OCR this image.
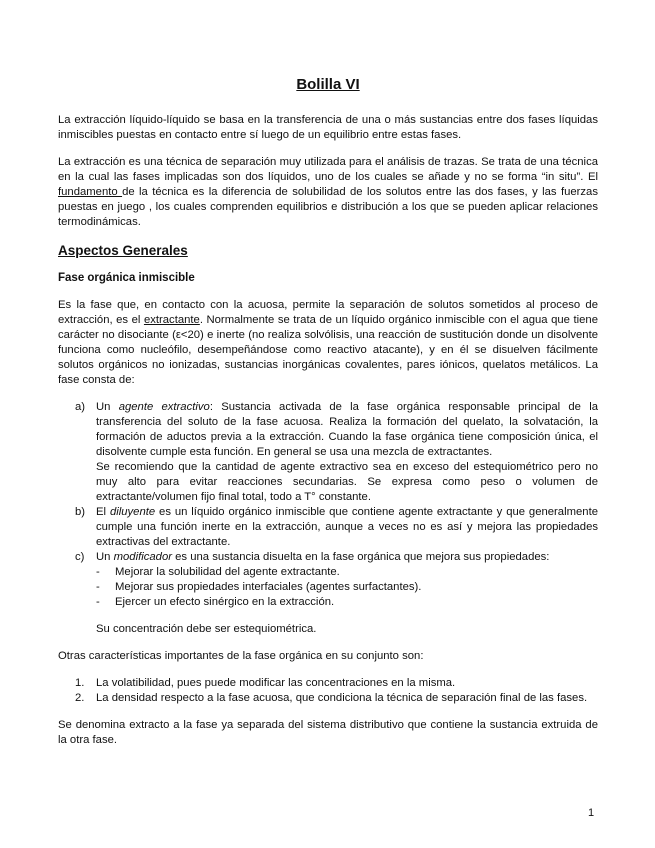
Bolilla VI

La extracción líquido-líquido se basa en la transferencia de una o más sustancias entre dos fases líquidas inmiscibles puestas en contacto entre sí luego de un equilibrio entre estas fases.

La extracción es una técnica de separación muy utilizada para el análisis de trazas. Se trata de una técnica en la cual las fases implicadas son dos líquidos, uno de los cuales se añade y no se forma “in situ”. El fundamento de la técnica es la diferencia de solubilidad de los solutos entre las dos fases, y las fuerzas puestas en juego , los cuales comprenden equilibrios e distribución a los que se pueden aplicar relaciones termodinámicas.

Aspectos Generales
Fase orgánica inmiscible

Es la fase que, en contacto con la acuosa, permite la separación de solutos sometidos al proceso de extracción, es el extractante. Normalmente se trata de un líquido orgánico inmiscible con el agua que tiene carácter no disociante (ε<20) e inerte (no realiza solvólisis, una reacción de sustitución donde un disolvente funciona como nucleófilo, desempeñándose como reactivo atacante), y en él se disuelven fácilmente solutos orgánicos no ionizadas, sustancias inorgánicas covalentes, pares iónicos, quelatos metálicos. La fase consta de:

a) Un agente extractivo: Sustancia activada de la fase orgánica responsable principal de la transferencia del soluto de la fase acuosa. Realiza la formación del quelato, la solvatación, la formación de aductos previa a la extracción. Cuando la fase orgánica tiene composición única, el disolvente cumple esta función. En general se usa una mezcla de extractantes.
Se recomiendo que la cantidad de agente extractivo sea en exceso del estequiométrico pero no muy alto para evitar reacciones secundarias. Se expresa como peso o volumen de extractante/volumen fijo final total, todo a T° constante.
b) El diluyente es un líquido orgánico inmiscible que contiene agente extractante y que generalmente cumple una función inerte en la extracción, aunque a veces no es así y mejora las propiedades extractivas del extractante.
c) Un modificador es una sustancia disuelta en la fase orgánica que mejora sus propiedades:
- Mejorar la solubilidad del agente extractante.
- Mejorar sus propiedades interfaciales (agentes surfactantes).
- Ejercer un efecto sinérgico en la extracción.
Su concentración debe ser estequiométrica.

Otras características importantes de la fase orgánica en su conjunto son:

1. La volatibilidad, pues puede modificar las concentraciones en la misma.
2. La densidad respecto a la fase acuosa, que condiciona la técnica de separación final de las fases.

Se denomina extracto a la fase ya separada del sistema distributivo que contiene la sustancia extruida de la otra fase.

1
